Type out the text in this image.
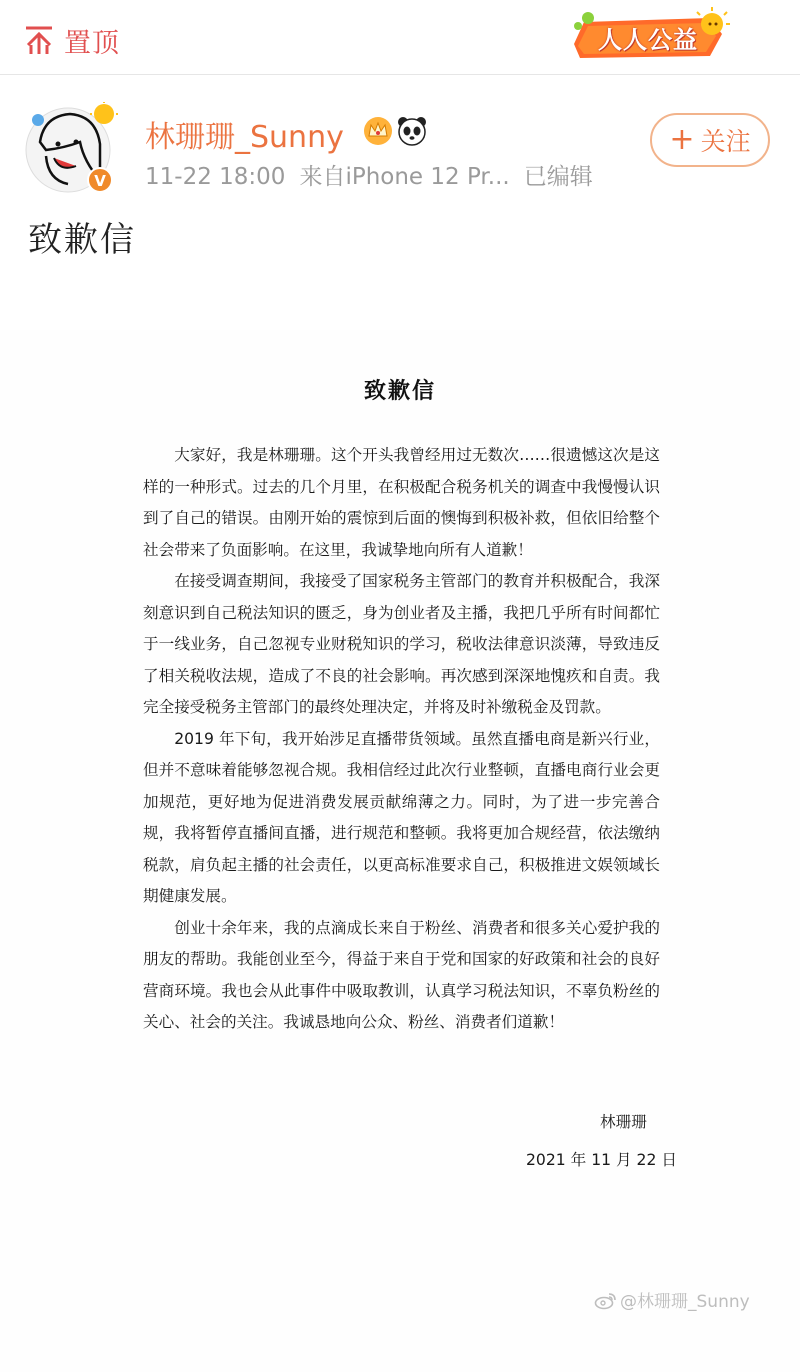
置顶	人人公益
V
林珊珊_Sunny
11-22 18:00 来自iPhone 12 Pr... 已编辑
+ 关注
致歉信
致歉信

大家好，我是林珊珊。这个开头我曾经用过无数次……很遗憾这次是这样的一种形式。过去的几个月里，在积极配合税务机关的调查中我慢慢认识到了自己的错误。由刚开始的震惊到后面的懊悔到积极补救，但依旧给整个社会带来了负面影响。在这里，我诚挚地向所有人道歉！

在接受调查期间，我接受了国家税务主管部门的教育并积极配合，我深刻意识到自己税法知识的匮乏，身为创业者及主播，我把几乎所有时间都忙于一线业务，自己忽视专业财税知识的学习，税收法律意识淡薄，导致违反了相关税收法规，造成了不良的社会影响。再次感到深深地愧疚和自责。我完全接受税务主管部门的最终处理决定，并将及时补缴税金及罚款。

2019 年下旬，我开始涉足直播带货领域。虽然直播电商是新兴行业，但并不意味着能够忽视合规。我相信经过此次行业整顿，直播电商行业会更加规范，更好地为促进消费发展贡献绵薄之力。同时，为了进一步完善合规，我将暂停直播间直播，进行规范和整顿。我将更加合规经营，依法缴纳税款，肩负起主播的社会责任，以更高标准要求自己，积极推进文娱领域长期健康发展。

创业十余年来，我的点滴成长来自于粉丝、消费者和很多关心爱护我的朋友的帮助。我能创业至今，得益于来自于党和国家的好政策和社会的良好营商环境。我也会从此事件中吸取教训，认真学习税法知识，不辜负粉丝的关心、社会的关注。我诚恳地向公众、粉丝、消费者们道歉！

林珊珊
2021 年 11 月 22 日
@林珊珊_Sunny
